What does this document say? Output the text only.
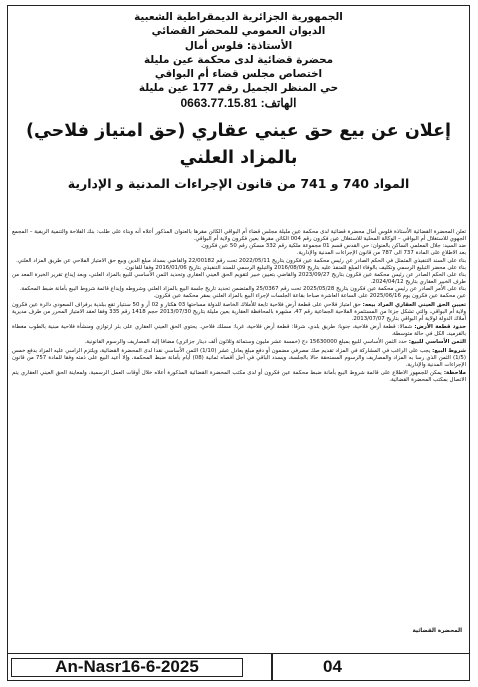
الجمهورية الجزائرية الديمقراطية الشعبية
الديوان العمومي للمحضر القضائي
الأستاذة: فلوس أمال
محضرة قضائية لدى محكمة عين مليلة
اختصاص مجلس قضاء أم البواقي
حي المنظر الجميل رقم 177 عين مليلة
الهاتف: 0663.77.15.81
إعلان عن بيع حق عيني عقاري (حق امتياز فلاحي)
بالمزاد العلني
المواد 740 و 741 من قانون الإجراءات المدنية و الإدارية

تعلن المحضرة القضائية الأستاذة فلوس أمال محضرة قضائية لدى محكمة عين مليلة مجلس قضاء أم البواقي الكائن مقرها بالعنوان المذكور أعلاه أنه وبناء على طلب: بنك الفلاحة والتنمية الريفية – المجمع الجهوي للاستغلال أم البواقي – الوكالة المحلية للاستغلال عين فكرون رقم 004 الكائن مقرها بعين فكرون ولاية أم البواقي.

ضد السيد: جلال المعلمي الساكن بالعنوان: حي القدس قسم 01 مجموعة ملكية رقم 332 مسكن رقم 50 عين فكرون.

بعد الاطلاع على المادة 737 الى 787 من قانون الإجراءات المدنية والإدارية.

بناء على السند التنفيذي المتمثل في الحكم الصادر عن رئيس محكمة عين فكرون بتاريخ 2022/05/11 تحت رقم 22/00182 والقاضي بسداد مبلغ الدين وبيع حق الامتياز الفلاحي عن طريق المزاد العلني.

بناء على محضر التبليغ الرسمي وتكليف بالوفاء المبلغ للمنفذ عليه بتاريخ 2016/08/09 والتبليغ الرسمي للسند التنفيذي بتاريخ 2016/01/06 وفقا للقانون.

بناء على الحكم الصادر عن رئيس محكمة عين فكرون بتاريخ 2023/09/27 والقاضي بتعيين خبير لتقويم الحق العيني العقاري وتحديد الثمن الأساسي للبيع بالمزاد العلني، وبعد إيداع تقرير الخبرة المعد من طرف الخبير العقاري بتاريخ 2024/04/12.

بناء على الأمر الصادر عن رئيس محكمة عين فكرون بتاريخ 2025/05/28 تحت رقم 25/0367 والمتضمن تحديد تاريخ جلسة البيع بالمزاد العلني وشروطه وإيداع قائمة شروط البيع بأمانة ضبط المحكمة.

عين محكمة عين فكرون يوم 2025/06/16 على الساعة العاشرة صباحا بقاعة الجلسات لإجراء البيع بالمزاد العلني بمقر محكمة عين فكرون.

تعيين الحق العيني العقاري المراد بيعه: حق امتياز فلاحي على قطعة أرض فلاحية تابعة للأملاك الخاصة للدولة مساحتها 03 هكتار و 02 آر و 50 سنتيار تقع ببلدية برفراف السعودي دائرة عين فكرون ولاية أم البواقي، والتي تشكل جزءا من المستثمرة الفلاحية الجماعية رقم 47، مشهرة بالمحافظة العقارية بعين مليلة بتاريخ 2013/07/30 حجم 1418 رقم 335 وفقا لعقد الامتياز المحرر من طرف مديرية أملاك الدولة لولاية أم البواقي بتاريخ 2013/07/07.

حدود قطعة الأرض: شمالا: قطعة أرض فلاحية، جنوبا: طريق بلدي، شرقا: قطعة أرض فلاحية، غربا: مسلك فلاحي. يحتوي الحق العيني العقاري على بئر ارتوازي ومنشأة فلاحية مبنية بالطوب مغطاة بالقرميد، الكل في حالة متوسطة.

الثمن الأساسي للبيع: حدد الثمن الأساسي للبيع بمبلغ 15630000 دج (خمسة عشر مليون وستمائة وثلاثون ألف دينار جزائري) مضافا إليه المصاريف والرسوم القانونية.

شروط البيع: يجب على الراغب في المشاركة في المزاد تقديم صك مصرفي مضمون أو دفع مبلغ يعادل عشر (1/10) الثمن الأساسي نقدا لدى المحضرة القضائية، ويلتزم الراسي عليه المزاد بدفع خمس (1/5) الثمن الذي رسا به المزاد والمصاريف والرسوم المستحقة حالا بالجلسة، ويسدد الباقي في أجل أقصاه ثمانية (08) أيام بأمانة ضبط المحكمة، وإلا أعيد البيع على ذمته وفقا للمادة 757 من قانون الإجراءات المدنية والإدارية.

ملاحظة: يمكن للجمهور الاطلاع على قائمة شروط البيع بأمانة ضبط محكمة عين فكرون أو لدى مكتب المحضرة القضائية المذكورة أعلاه خلال أوقات العمل الرسمية، ولمعاينة الحق العيني العقاري يتم الاتصال بمكتب المحضرة القضائية.

المحضرة القضائية
An-Nasr16-6-2025	04
